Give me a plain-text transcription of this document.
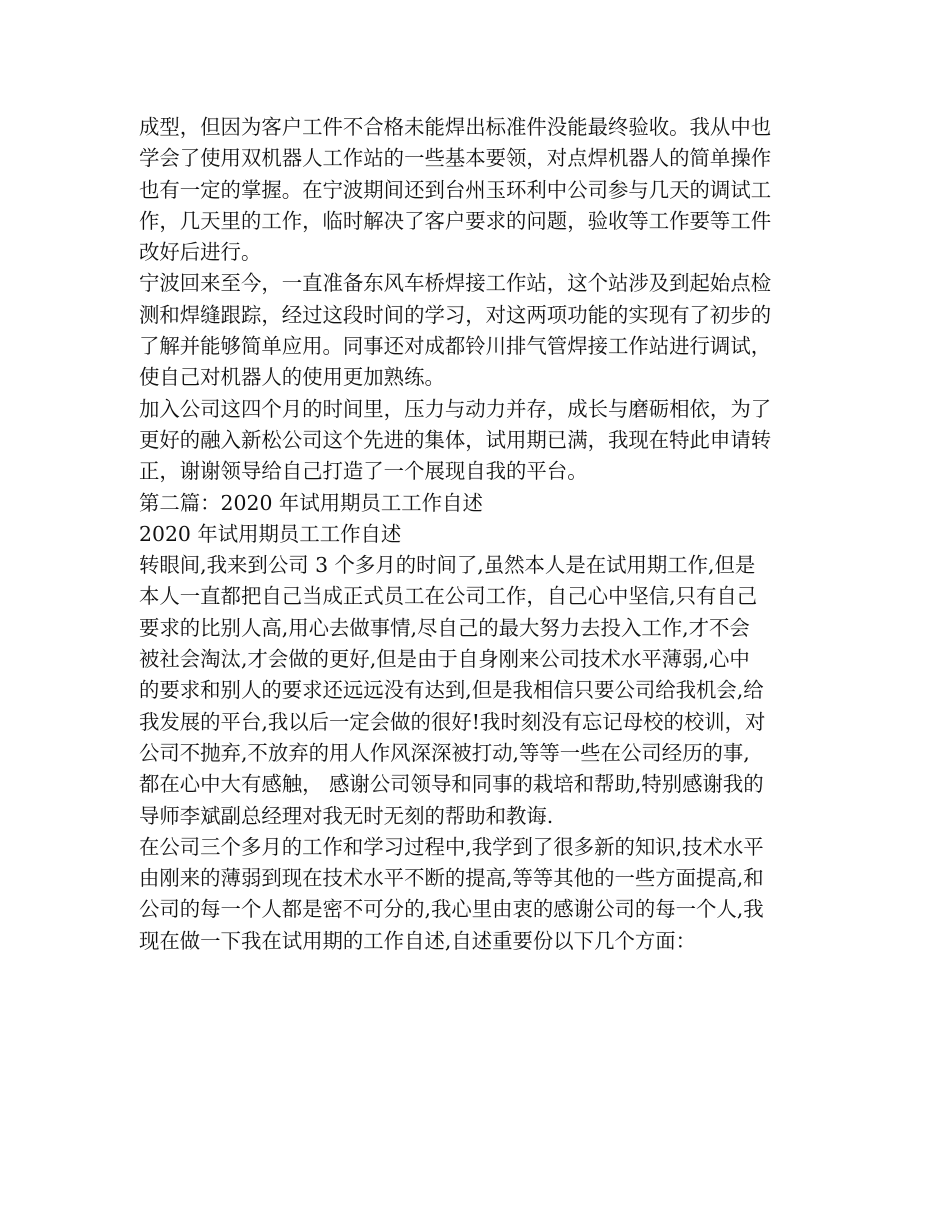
成型，但因为客户工件不合格未能焊出标准件没能最终验收。我从中也

学会了使用双机器人工作站的一些基本要领，对点焊机器人的简单操作

也有一定的掌握。在宁波期间还到台州玉环利中公司参与几天的调试工

作，几天里的工作，临时解决了客户要求的问题，验收等工作要等工件

改好后进行。

宁波回来至今，一直准备东风车桥焊接工作站，这个站涉及到起始点检

测和焊缝跟踪，经过这段时间的学习，对这两项功能的实现有了初步的

了解并能够简单应用。同事还对成都铃川排气管焊接工作站进行调试，

使自己对机器人的使用更加熟练。

加入公司这四个月的时间里，压力与动力并存，成长与磨砺相依，为了

更好的融入新松公司这个先进的集体，试用期已满，我现在特此申请转

正，谢谢领导给自己打造了一个展现自我的平台。

第二篇：2020 年试用期员工工作自述

2020 年试用期员工工作自述

转眼间,我来到公司 3 个多月的时间了,虽然本人是在试用期工作,但是

本人一直都把自己当成正式员工在公司工作，自己心中坚信,只有自己

要求的比别人高,用心去做事情,尽自己的最大努力去投入工作,才不会

被社会淘汰,才会做的更好,但是由于自身刚来公司技术水平薄弱,心中

的要求和别人的要求还远远没有达到,但是我相信只要公司给我机会,给

我发展的平台,我以后一定会做的很好!我时刻没有忘记母校的校训，对

公司不抛弃,不放弃的用人作风深深被打动,等等一些在公司经历的事,

都在心中大有感触， 感谢公司领导和同事的栽培和帮助,特别感谢我的

导师李斌副总经理对我无时无刻的帮助和教诲.

在公司三个多月的工作和学习过程中,我学到了很多新的知识,技术水平

由刚来的薄弱到现在技术水平不断的提高,等等其他的一些方面提高,和

公司的每一个人都是密不可分的,我心里由衷的感谢公司的每一个人,我

现在做一下我在试用期的工作自述,自述重要份以下几个方面：
